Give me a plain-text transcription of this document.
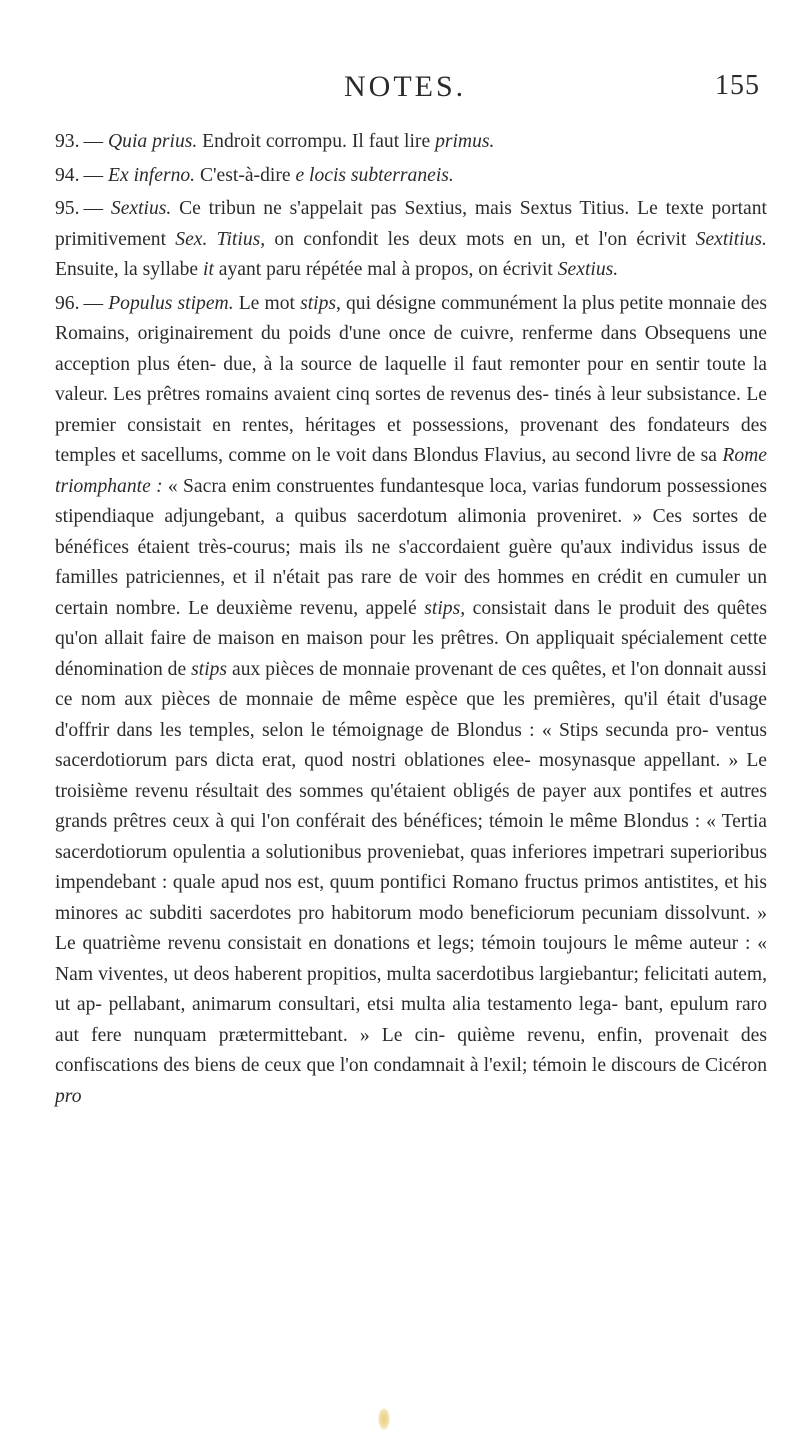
NOTES.	155

93. — Quia prius. Endroit corrompu. Il faut lire primus.

94. — Ex inferno. C'est-à-dire e locis subterraneis.

95. — Sextius. Ce tribun ne s'appelait pas Sextius, mais Sextus Titius. Le texte portant primitivement Sex. Titius, on confondit les deux mots en un, et l'on écrivit Sextitius. Ensuite, la syllabe it ayant paru répétée mal à propos, on écrivit Sextius.

96. — Populus stipem. Le mot stips, qui désigne communément la plus petite monnaie des Romains, originairement du poids d'une once de cuivre, renferme dans Obsequens une acception plus éten- due, à la source de laquelle il faut remonter pour en sentir toute la valeur. Les prêtres romains avaient cinq sortes de revenus des- tinés à leur subsistance. Le premier consistait en rentes, héritages et possessions, provenant des fondateurs des temples et sacellums, comme on le voit dans Blondus Flavius, au second livre de sa Rome triomphante : « Sacra enim construentes fundantesque loca, varias fundorum possessiones stipendiaque adjungebant, a quibus sacerdotum alimonia proveniret. » Ces sortes de bénéfices étaient très-courus; mais ils ne s'accordaient guère qu'aux individus issus de familles patriciennes, et il n'était pas rare de voir des hommes en crédit en cumuler un certain nombre. Le deuxième revenu, appelé stips, consistait dans le produit des quêtes qu'on allait faire de maison en maison pour les prêtres. On appliquait spécialement cette dénomination de stips aux pièces de monnaie provenant de ces quêtes, et l'on donnait aussi ce nom aux pièces de monnaie de même espèce que les premières, qu'il était d'usage d'offrir dans les temples, selon le témoignage de Blondus : « Stips secunda pro- ventus sacerdotiorum pars dicta erat, quod nostri oblationes elee- mosynasque appellant. » Le troisième revenu résultait des sommes qu'étaient obligés de payer aux pontifes et autres grands prêtres ceux à qui l'on conférait des bénéfices; témoin le même Blondus : « Tertia sacerdotiorum opulentia a solutionibus proveniebat, quas inferiores impetrari superioribus impendebant : quale apud nos est, quum pontifici Romano fructus primos antistites, et his minores ac subditi sacerdotes pro habitorum modo beneficiorum pecuniam dissolvunt. » Le quatrième revenu consistait en donations et legs; témoin toujours le même auteur : « Nam viventes, ut deos haberent propitios, multa sacerdotibus largiebantur; felicitati autem, ut ap- pellabant, animarum consultari, etsi multa alia testamento lega- bant, epulum raro aut fere nunquam prætermittebant. » Le cin- quième revenu, enfin, provenait des confiscations des biens de ceux que l'on condamnait à l'exil; témoin le discours de Cicéron pro
